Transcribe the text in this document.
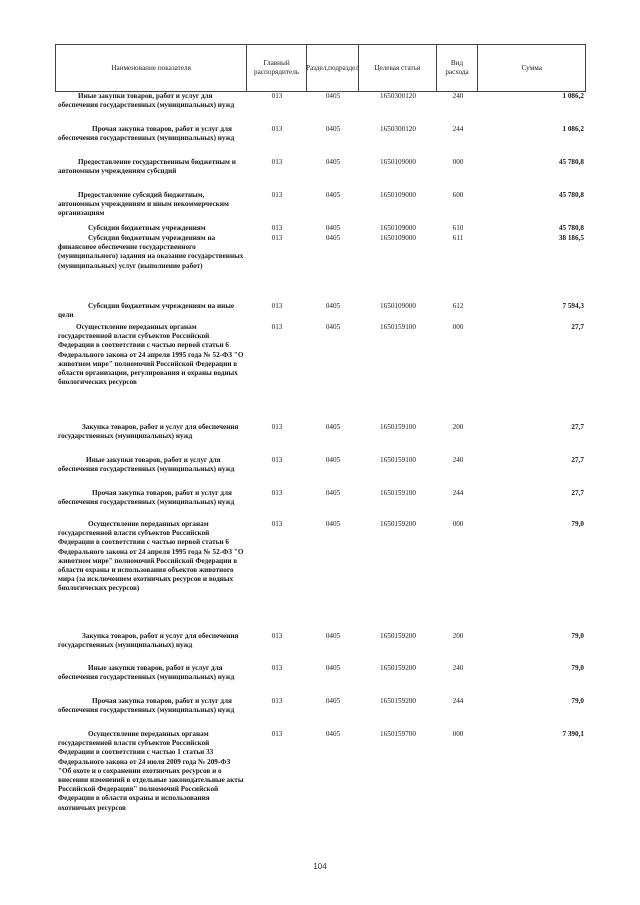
Наименование показателя
Главный распорядитель
Раздел,подраздел	Целевая статья
Вид расхода
Сумма
Иные закупки товаров, работ и услуг для обеспечения государственных (муниципальных) нужд
013	0405	1650300120	240	1 086,2
Прочая закупка товаров, работ и услуг для обеспечения государственных (муниципальных) нужд
013	0405	1650300120	244	1 086,2
Предоставление государственным бюджетным и автономным учреждениям субсидий
013	0405	1650109000	000	45 780,8
Предоставление субсидий бюджетным, автономным учреждениям и иным некоммерческим организациям
013	0405	1650109000	600	45 780,8
Субсидии бюджетным учреждениям	013	0405	1650109000	610	45 780,8
Субсидии бюджетным учреждениям на финансовое обеспечение государственного (муниципального) задания на оказание государственных (муниципальных) услуг (выполнение работ)
013	0405	1650109000	611	38 186,5
Субсидии бюджетным учреждениям на иные цели
013	0405	1650109000	612	7 594,3
Осуществление переданных органам государственной власти субъектов Российской Федерации в соответствии с частью первой статьи 6 Федерального закона от 24 апреля 1995 года № 52-ФЗ "О животном мире" полномочий Российской Федерации в области организации, регулирования и охраны водных биологических ресурсов
013	0405	1650159100	000	27,7
Закупка товаров, работ и услуг для обеспечения государственных (муниципальных) нужд
013	0405	1650159100	200	27,7
Иные закупки товаров, работ и услуг для обеспечения государственных (муниципальных) нужд
013	0405	1650159100	240	27,7
Прочая закупка товаров, работ и услуг для обеспечения государственных (муниципальных) нужд
013	0405	1650159100	244	27,7
Осуществление переданных органам государственной власти субъектов Российской Федерации в соответствии с частью первой статьи 6 Федерального закона от 24 апреля 1995 года № 52-ФЗ "О животном мире" полномочий Российской Федерации в области охраны и использования объектов животного мира (за исключением охотничьих ресурсов и водных биологических ресурсов)
013	0405	1650159200	000	79,0
Закупка товаров, работ и услуг для обеспечения государственных (муниципальных) нужд
013	0405	1650159200	200	79,0
Иные закупки товаров, работ и услуг для обеспечения государственных (муниципальных) нужд
013	0405	1650159200	240	79,0
Прочая закупка товаров, работ и услуг для обеспечения государственных (муниципальных) нужд
013	0405	1650159200	244	79,0
Осуществление переданных органам государственной власти субъектов Российской Федерации в соответствии с частью 1 статьи 33 Федерального закона от 24 июля 2009 года № 209-ФЗ "Об охоте и о сохранении охотничьих ресурсов и о внесении изменений в отдельные законодательные акты Российской Федерации" полномочий Российской Федерации в области охраны и использования охотничьих ресурсов
013	0405	1650159700	000	7 390,1
104
